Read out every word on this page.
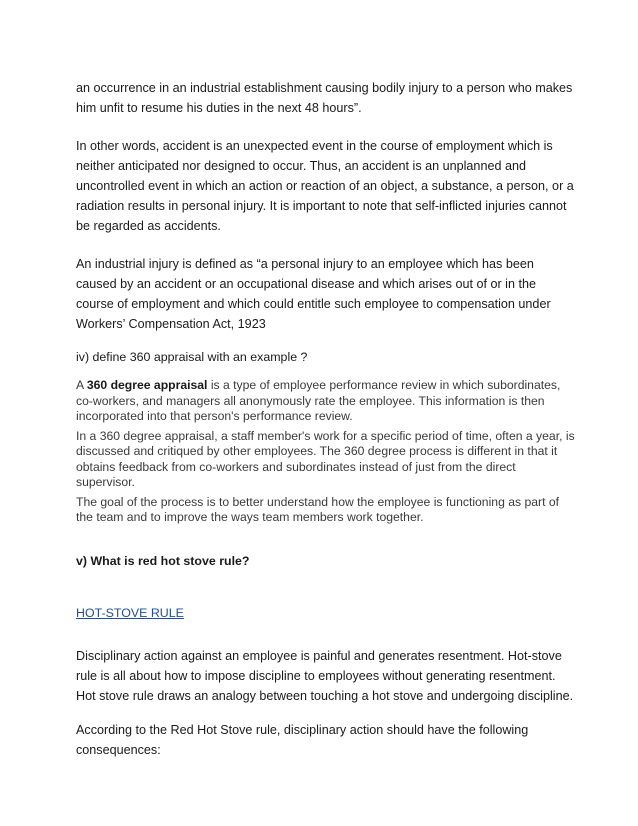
an occurrence in an industrial establishment causing bodily injury to a person who makes him unfit to resume his duties in the next 48 hours”.

In other words, accident is an unexpected event in the course of employment which is neither anticipated nor designed to occur. Thus, an accident is an unplanned and uncontrolled event in which an action or reaction of an object, a substance, a person, or a radiation results in personal injury. It is important to note that self-inflicted injuries cannot be regarded as accidents.

An industrial injury is defined as “a personal injury to an employee which has been caused by an accident or an occupational disease and which arises out of or in the course of employment and which could entitle such employee to compensation under Workers’ Compensation Act, 1923

iv) define 360 appraisal with an example ?

A 360 degree appraisal is a type of employee performance review in which subordinates, co-workers, and managers all anonymously rate the employee. This information is then incorporated into that person's performance review.

In a 360 degree appraisal, a staff member's work for a specific period of time, often a year, is discussed and critiqued by other employees. The 360 degree process is different in that it obtains feedback from co-workers and subordinates instead of just from the direct supervisor.

The goal of the process is to better understand how the employee is functioning as part of the team and to improve the ways team members work together.

v) What is red hot stove rule?

HOT-STOVE RULE

Disciplinary action against an employee is painful and generates resentment. Hot-stove rule is all about how to impose discipline to employees without generating resentment. Hot stove rule draws an analogy between touching a hot stove and undergoing discipline.

According to the Red Hot Stove rule, disciplinary action should have the following consequences:
